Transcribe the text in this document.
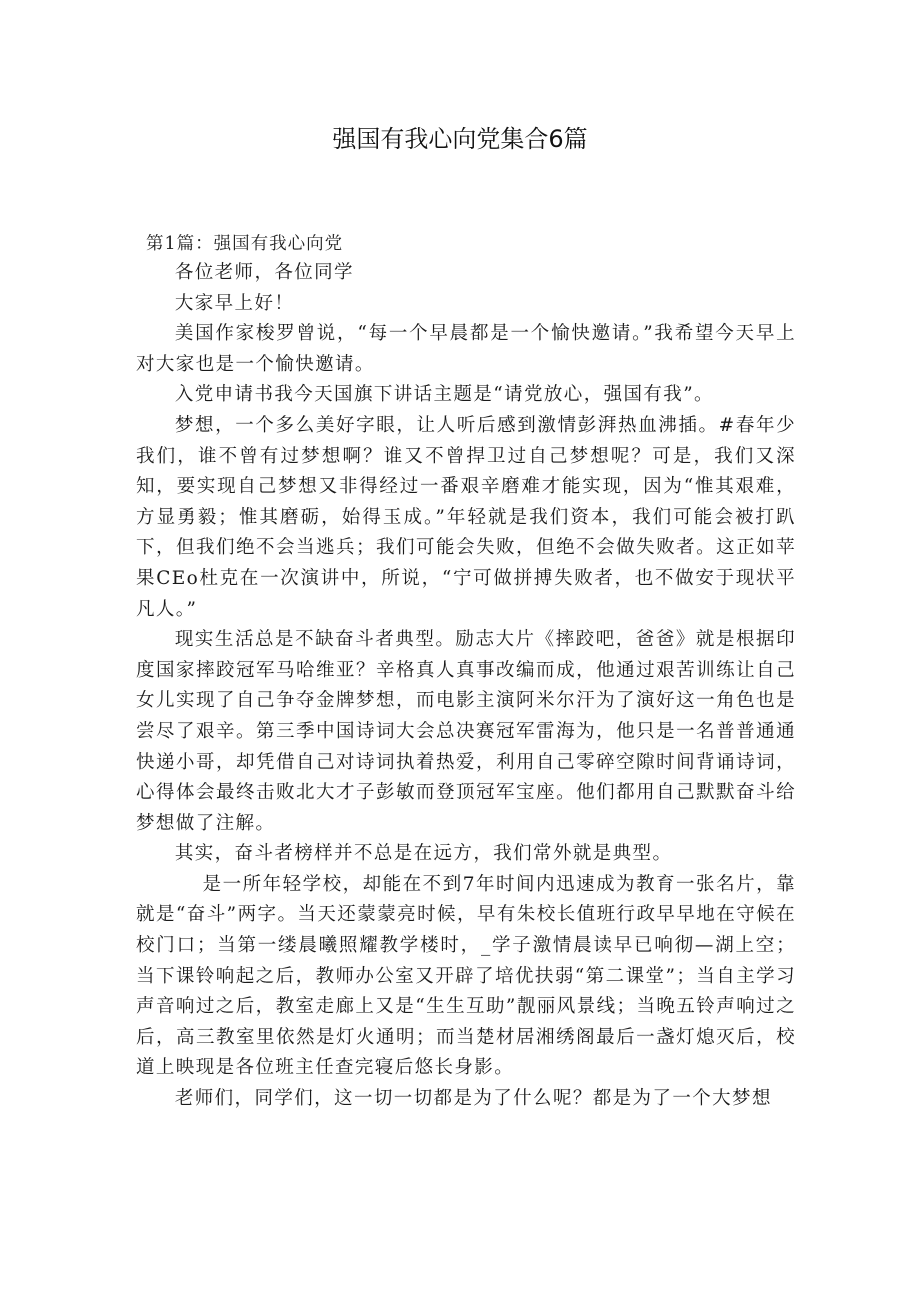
强国有我心向党集合6篇
第1篇：强国有我心向党

各位老师，各位同学

大家早上好！

美国作家梭罗曾说，“每一个早晨都是一个愉快邀请。”我希望今天早上对大家也是一个愉快邀请。

入党申请书我今天国旗下讲话主题是“请党放心，强国有我”。

梦想，一个多么美好字眼，让人听后感到激情彭湃热血沸插。#春年少我们，谁不曾有过梦想啊？谁又不曾捍卫过自己梦想呢？可是，我们又深知，要实现自己梦想又非得经过一番艰辛磨难才能实现，因为“惟其艰难，方显勇毅；惟其磨砺，始得玉成。”年轻就是我们资本，我们可能会被打趴下，但我们绝不会当逃兵；我们可能会失败，但绝不会做失败者。这正如苹果CEo杜克在一次演讲中，所说，“宁可做拼搏失败者，也不做安于现状平凡人。”

现实生活总是不缺奋斗者典型。励志大片《摔跤吧，爸爸》就是根据印度国家摔跤冠军马哈维亚？辛格真人真事改编而成，他通过艰苦训练让自己女儿实现了自己争夺金牌梦想，而电影主演阿米尔汗为了演好这一角色也是尝尽了艰辛。第三季中国诗词大会总决赛冠军雷海为，他只是一名普普通通快递小哥，却凭借自己对诗词执着热爱，利用自己零碎空隙时间背诵诗词，心得体会最终击败北大才子彭敏而登顶冠军宝座。他们都用自己默默奋斗给梦想做了注解。

其实，奋斗者榜样并不总是在远方，我们常外就是典型。

是一所年轻学校，却能在不到7年时间内迅速成为教育一张名片，靠就是“奋斗”两字。当天还蒙蒙亮时候，早有朱校长值班行政早早地在守候在校门口；当第一缕晨曦照耀教学楼时，_学子激情晨读早已响彻—湖上空；当下课铃响起之后，教师办公室又开辟了培优扶弱“第二课堂”；当自主学习声音响过之后，教室走廊上又是“生生互助”靓丽风景线；当晚五铃声响过之后，高三教室里依然是灯火通明；而当楚材居湘绣阁最后一盏灯熄灭后，校道上映现是各位班主任查完寝后悠长身影。

老师们，同学们，这一切一切都是为了什么呢？都是为了一个大梦想
